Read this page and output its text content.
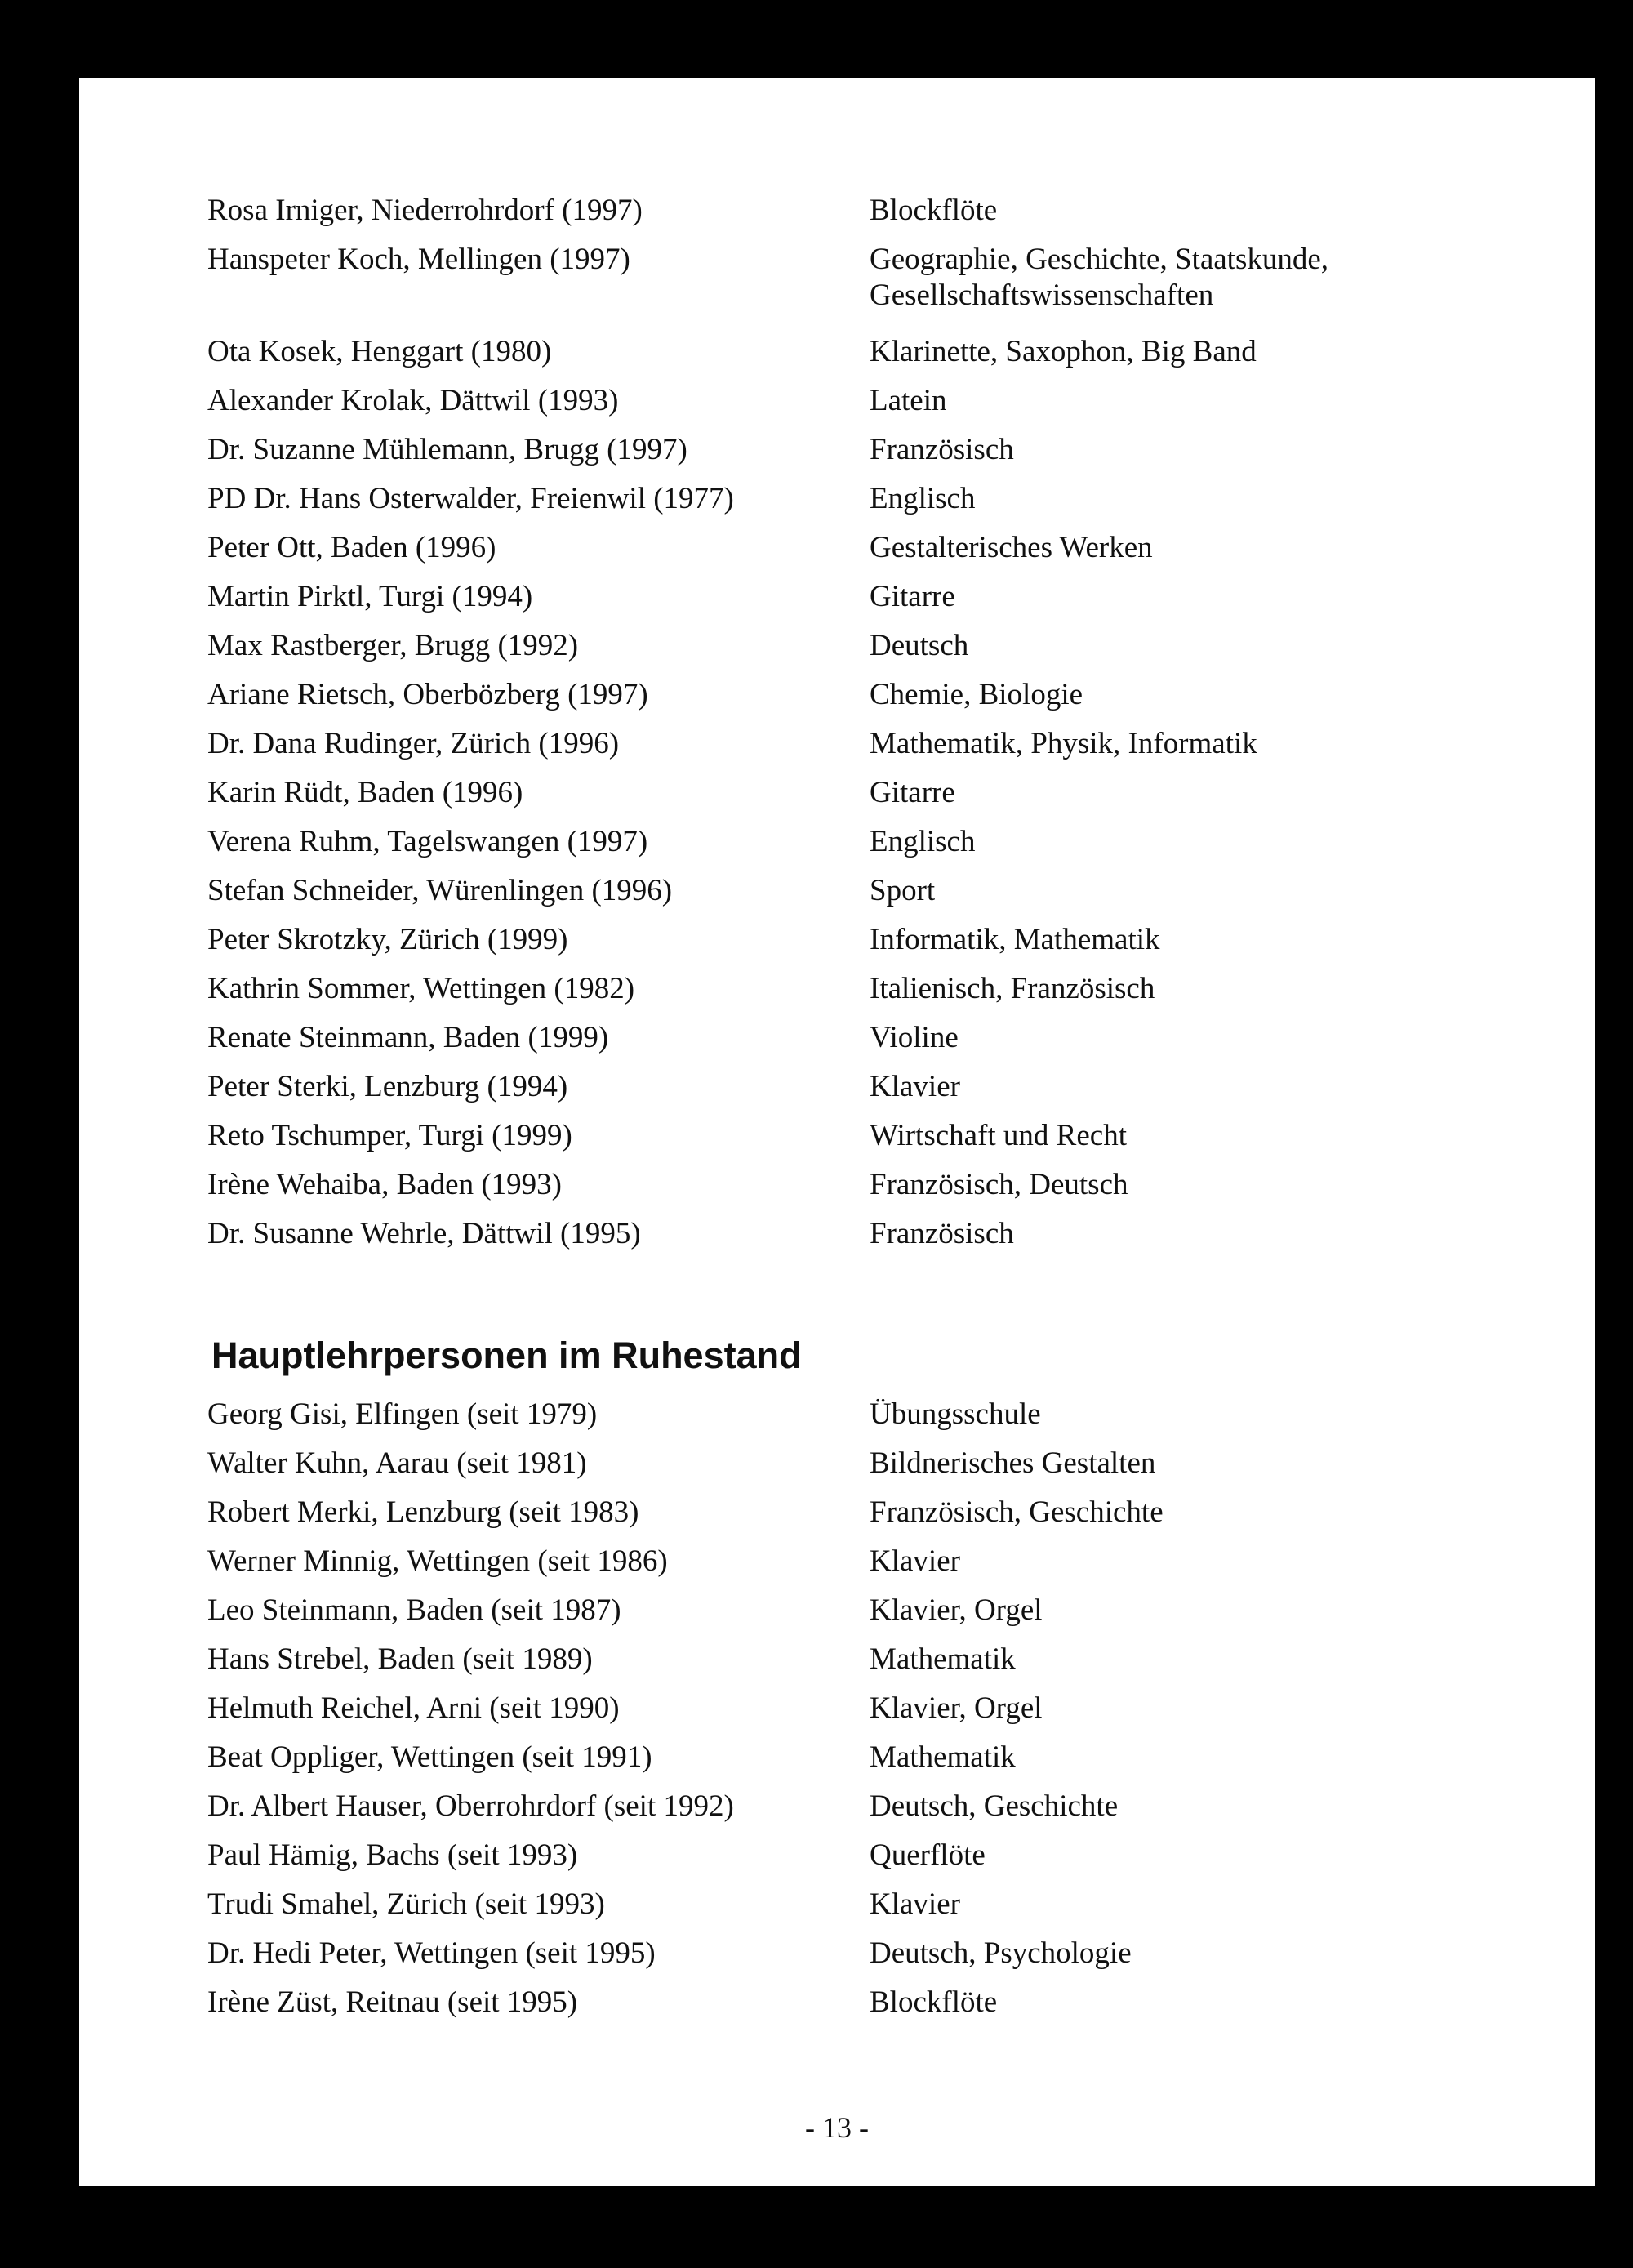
Rosa Irniger, Niederrohrdorf (1997)	Blockflöte
Hanspeter Koch, Mellingen (1997)	Geographie, Geschichte, Staatskunde,
Gesellschaftswissenschaften
Ota Kosek, Henggart (1980)	Klarinette, Saxophon, Big Band
Alexander Krolak, Dättwil (1993)	Latein
Dr. Suzanne Mühlemann, Brugg (1997)	Französisch
PD Dr. Hans Osterwalder, Freienwil (1977)	Englisch
Peter Ott, Baden (1996)	Gestalterisches Werken
Martin Pirktl, Turgi (1994)	Gitarre
Max Rastberger, Brugg (1992)	Deutsch
Ariane Rietsch, Oberbözberg (1997)	Chemie, Biologie
Dr. Dana Rudinger, Zürich (1996)	Mathematik, Physik, Informatik
Karin Rüdt, Baden (1996)	Gitarre
Verena Ruhm, Tagelswangen (1997)	Englisch
Stefan Schneider, Würenlingen (1996)	Sport
Peter Skrotzky, Zürich (1999)	Informatik, Mathematik
Kathrin Sommer, Wettingen (1982)	Italienisch, Französisch
Renate Steinmann, Baden (1999)	Violine
Peter Sterki, Lenzburg (1994)	Klavier
Reto Tschumper, Turgi (1999)	Wirtschaft und Recht
Irène Wehaiba, Baden (1993)	Französisch, Deutsch
Dr. Susanne Wehrle, Dättwil (1995)	Französisch
Hauptlehrpersonen im Ruhestand
Georg Gisi, Elfingen (seit 1979)	Übungsschule
Walter Kuhn, Aarau (seit 1981)	Bildnerisches Gestalten
Robert Merki, Lenzburg (seit 1983)	Französisch, Geschichte
Werner Minnig, Wettingen (seit 1986)	Klavier
Leo Steinmann, Baden (seit 1987)	Klavier, Orgel
Hans Strebel, Baden (seit 1989)	Mathematik
Helmuth Reichel, Arni (seit 1990)	Klavier, Orgel
Beat Oppliger, Wettingen (seit 1991)	Mathematik
Dr. Albert Hauser, Oberrohrdorf (seit 1992)	Deutsch, Geschichte
Paul Hämig, Bachs (seit 1993)	Querflöte
Trudi Smahel, Zürich (seit 1993)	Klavier
Dr. Hedi Peter, Wettingen (seit 1995)	Deutsch, Psychologie
Irène Züst, Reitnau (seit 1995)	Blockflöte
- 13 -
